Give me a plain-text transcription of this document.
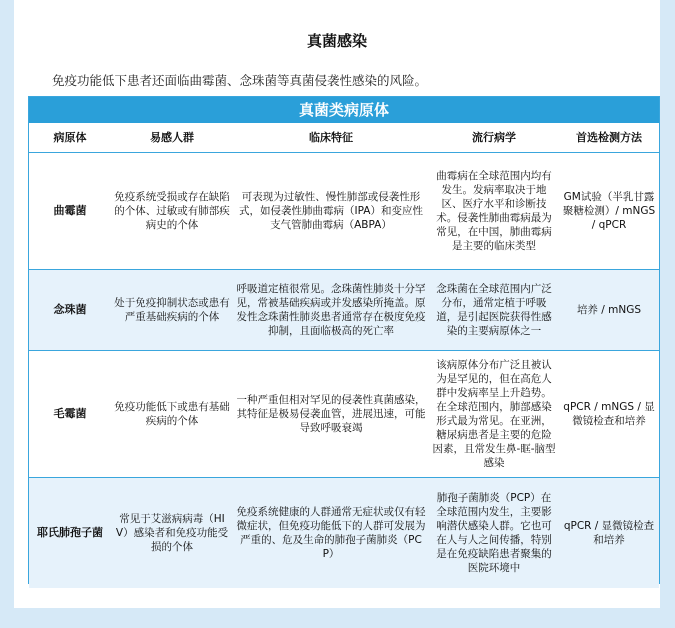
真菌感染
免疫功能低下患者还面临曲霉菌、念珠菌等真菌侵袭性感染的风险。
真菌类病原体
病原体	易感人群	临床特征	流行病学	首选检测方法
曲霉菌	免疫系统受损或存在缺陷的个体、过敏或有肺部疾病史的个体	可表现为过敏性、慢性肺部或侵袭性形式，如侵袭性肺曲霉病（IPA）和变应性支气管肺曲霉病（ABPA）	曲霉病在全球范围内均有发生。发病率取决于地区、医疗水平和诊断技术。侵袭性肺曲霉病最为常见，在中国，肺曲霉病是主要的临床类型	GM试验（半乳甘露聚糖检测）/ mNGS / qPCR
念珠菌	处于免疫抑制状态或患有严重基础疾病的个体	呼吸道定植很常见。念珠菌性肺炎十分罕见，常被基础疾病或并发感染所掩盖。原发性念珠菌性肺炎患者通常存在极度免疫抑制，且面临极高的死亡率	念珠菌在全球范围内广泛分布，通常定植于呼吸道，是引起医院获得性感染的主要病原体之一	培养 / mNGS
毛霉菌	免疫功能低下或患有基础疾病的个体	一种严重但相对罕见的侵袭性真菌感染，其特征是极易侵袭血管，进展迅速，可能导致呼吸衰竭	该病原体分布广泛且被认为是罕见的，但在高危人群中发病率呈上升趋势。在全球范围内，肺部感染形式最为常见。在亚洲，糖尿病患者是主要的危险因素，且常发生鼻-眶-脑型感染	qPCR / mNGS / 显微镜检查和培养
耶氏肺孢子菌	常见于艾滋病病毒（HIV）感染者和免疫功能受损的个体	免疫系统健康的人群通常无症状或仅有轻微症状，但免疫功能低下的人群可发展为严重的、危及生命的肺孢子菌肺炎（PCP）	肺孢子菌肺炎（PCP）在全球范围内发生，主要影响潜伏感染人群。它也可在人与人之间传播，特别是在免疫缺陷患者聚集的医院环境中	qPCR / 显微镜检查和培养
